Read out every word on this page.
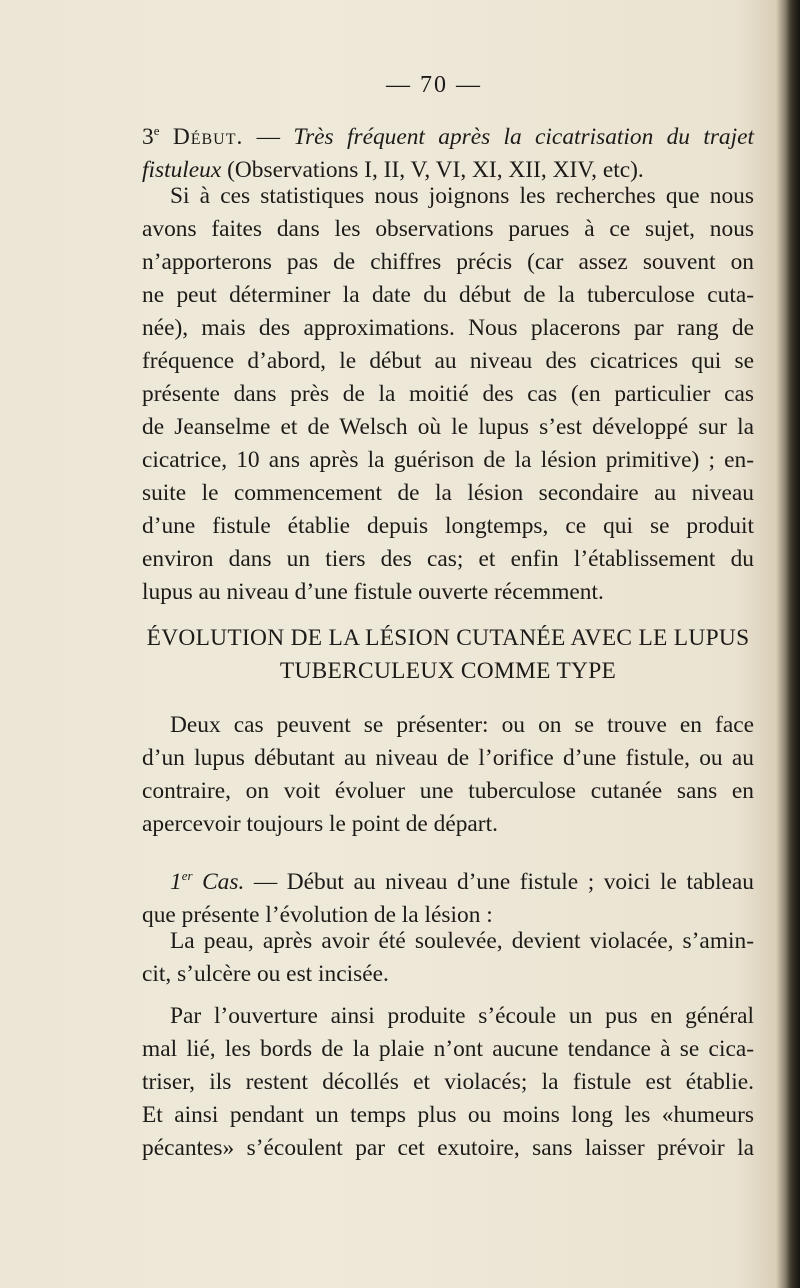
— 70 —
3e Début. — Très fréquent après la cicatrisation du trajet
fistuleux (Observations I, II, V, VI, XI, XII, XIV, etc).
Si à ces statistiques nous joignons les recherches que nous
avons faites dans les observations parues à ce sujet, nous
n’apporterons pas de chiffres précis (car assez souvent on
ne peut déterminer la date du début de la tuberculose cuta-
née), mais des approximations. Nous placerons par rang de
fréquence d’abord, le début au niveau des cicatrices qui se
présente dans près de la moitié des cas (en particulier cas
de Jeanselme et de Welsch où le lupus s’est développé sur la
cicatrice, 10 ans après la guérison de la lésion primitive) ; en-
suite le commencement de la lésion secondaire au niveau
d’une fistule établie depuis longtemps, ce qui se produit
environ dans un tiers des cas; et enfin l’établissement du
lupus au niveau d’une fistule ouverte récemment.
ÉVOLUTION DE LA LÉSION CUTANÉE AVEC LE LUPUS
TUBERCULEUX COMME TYPE
Deux cas peuvent se présenter: ou on se trouve en face
d’un lupus débutant au niveau de l’orifice d’une fistule, ou au
contraire, on voit évoluer une tuberculose cutanée sans en
apercevoir toujours le point de départ.
1er Cas. — Début au niveau d’une fistule ; voici le tableau
que présente l’évolution de la lésion :
La peau, après avoir été soulevée, devient violacée, s’amin-
cit, s’ulcère ou est incisée.
Par l’ouverture ainsi produite s’écoule un pus en général
mal lié, les bords de la plaie n’ont aucune tendance à se cica-
triser, ils restent décollés et violacés; la fistule est établie.
Et ainsi pendant un temps plus ou moins long les «humeurs
pécantes» s’écoulent par cet exutoire, sans laisser prévoir la
